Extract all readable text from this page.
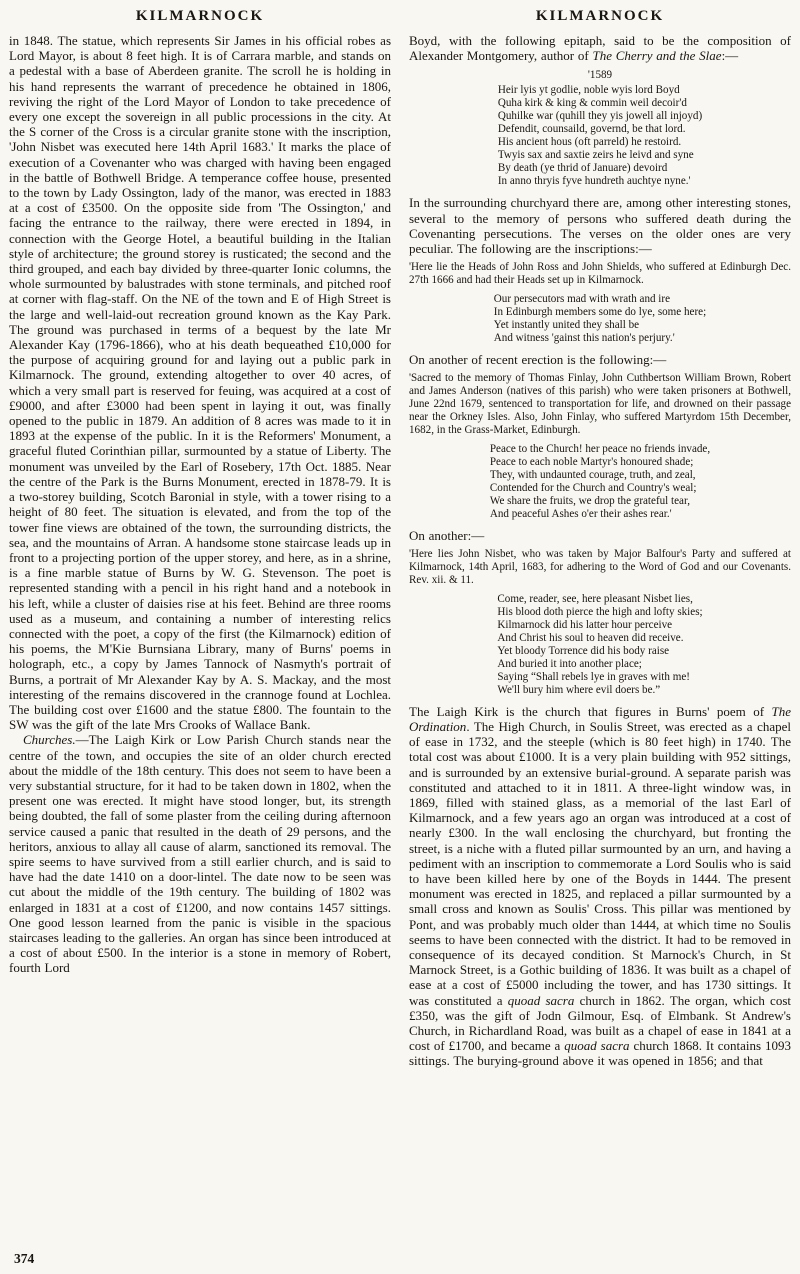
KILMARNOCK

in 1848. The statue, which represents Sir James in his official robes as Lord Mayor, is about 8 feet high. It is of Carrara marble, and stands on a pedestal with a base of Aberdeen granite. The scroll he is holding in his hand represents the warrant of precedence he obtained in 1806, reviving the right of the Lord Mayor of London to take precedence of every one except the sovereign in all public processions in the city. At the S corner of the Cross is a circular granite stone with the inscription, 'John Nisbet was executed here 14th April 1683.' It marks the place of execution of a Covenanter who was charged with having been engaged in the battle of Bothwell Bridge. A temperance coffee house, presented to the town by Lady Ossington, lady of the manor, was erected in 1883 at a cost of £3500. On the opposite side from 'The Ossington,' and facing the entrance to the railway, there were erected in 1894, in connection with the George Hotel, a beautiful building in the Italian style of architecture; the ground storey is rusticated; the second and the third grouped, and each bay divided by three-quarter Ionic columns, the whole surmounted by balustrades with stone terminals, and pitched roof at corner with flag-staff. On the NE of the town and E of High Street is the large and well-laid-out recreation ground known as the Kay Park. The ground was purchased in terms of a bequest by the late Mr Alexander Kay (1796-1866), who at his death bequeathed £10,000 for the purpose of acquiring ground for and laying out a public park in Kilmarnock. The ground, extending altogether to over 40 acres, of which a very small part is reserved for feuing, was acquired at a cost of £9000, and after £3000 had been spent in laying it out, was finally opened to the public in 1879. An addition of 8 acres was made to it in 1893 at the expense of the public. In it is the Reformers' Monument, a graceful fluted Corinthian pillar, surmounted by a statue of Liberty. The monument was unveiled by the Earl of Rosebery, 17th Oct. 1885. Near the centre of the Park is the Burns Monument, erected in 1878-79. It is a two-storey building, Scotch Baronial in style, with a tower rising to a height of 80 feet. The situation is elevated, and from the top of the tower fine views are obtained of the town, the surrounding districts, the sea, and the mountains of Arran. A handsome stone staircase leads up in front to a projecting portion of the upper storey, and here, as in a shrine, is a fine marble statue of Burns by W. G. Stevenson. The poet is represented standing with a pencil in his right hand and a notebook in his left, while a cluster of daisies rise at his feet. Behind are three rooms used as a museum, and containing a number of interesting relics connected with the poet, a copy of the first (the Kilmarnock) edition of his poems, the M'Kie Burnsiana Library, many of Burns' poems in holograph, etc., a copy by James Tannock of Nasmyth's portrait of Burns, a portrait of Mr Alexander Kay by A. S. Mackay, and the most interesting of the remains discovered in the crannoge found at Lochlea. The building cost over £1600 and the statue £800. The fountain to the SW was the gift of the late Mrs Crooks of Wallace Bank.

Churches.—The Laigh Kirk or Low Parish Church stands near the centre of the town, and occupies the site of an older church erected about the middle of the 18th century. This does not seem to have been a very substantial structure, for it had to be taken down in 1802, when the present one was erected. It might have stood longer, but, its strength being doubted, the fall of some plaster from the ceiling during afternoon service caused a panic that resulted in the death of 29 persons, and the heritors, anxious to allay all cause of alarm, sanctioned its removal. The spire seems to have survived from a still earlier church, and is said to have had the date 1410 on a door-lintel. The date now to be seen was cut about the middle of the 19th century. The building of 1802 was enlarged in 1831 at a cost of £1200, and now contains 1457 sittings. One good lesson learned from the panic is visible in the spacious staircases leading to the galleries. An organ has since been introduced at a cost of about £500. In the interior is a stone in memory of Robert, fourth Lord

KILMARNOCK

Boyd, with the following epitaph, said to be the composition of Alexander Montgomery, author of The Cherry and the Slae:—

'1589
Heir lyis yt godlie, noble wyis lord Boyd
Quha kirk & king & commin weil decoir'd
Quhilke war (quhill they yis jowell all injoyd)
Defendit, counsaild, governd, be that lord.
His ancient hous (oft parreld) he restoird.
Twyis sax and saxtie zeirs he leivd and syne
By death (ye thrid of Januare) devoird
In anno thryis fyve hundreth auchtye nyne.'

In the surrounding churchyard there are, among other interesting stones, several to the memory of persons who suffered death during the Covenanting persecutions. The verses on the older ones are very peculiar. The following are the inscriptions:—

'Here lie the Heads of John Ross and John Shields, who suffered at Edinburgh Dec. 27th 1666 and had their Heads set up in Kilmarnock.

Our persecutors mad with wrath and ire
In Edinburgh members some do lye, some here;
Yet instantly united they shall be
And witness 'gainst this nation's perjury.'

On another of recent erection is the following:—

'Sacred to the memory of Thomas Finlay, John Cuthbertson William Brown, Robert and James Anderson (natives of this parish) who were taken prisoners at Bothwell, June 22nd 1679, sentenced to transportation for life, and drowned on their passage near the Orkney Isles. Also, John Finlay, who suffered Martyrdom 15th December, 1682, in the Grass-Market, Edinburgh.

Peace to the Church! her peace no friends invade,
Peace to each noble Martyr's honoured shade;
They, with undaunted courage, truth, and zeal,
Contended for the Church and Country's weal;
We share the fruits, we drop the grateful tear,
And peaceful Ashes o'er their ashes rear.'

On another:—

'Here lies John Nisbet, who was taken by Major Balfour's Party and suffered at Kilmarnock, 14th April, 1683, for adhering to the Word of God and our Covenants. Rev. xii. & 11.

Come, reader, see, here pleasant Nisbet lies,
His blood doth pierce the high and lofty skies;
Kilmarnock did his latter hour perceive
And Christ his soul to heaven did receive.
Yet bloody Torrence did his body raise
And buried it into another place;
Saying “Shall rebels lye in graves with me!
We'll bury him where evil doers be.”

The Laigh Kirk is the church that figures in Burns' poem of The Ordination. The High Church, in Soulis Street, was erected as a chapel of ease in 1732, and the steeple (which is 80 feet high) in 1740. The total cost was about £1000. It is a very plain building with 952 sittings, and is surrounded by an extensive burial-ground. A separate parish was constituted and attached to it in 1811. A three-light window was, in 1869, filled with stained glass, as a memorial of the last Earl of Kilmarnock, and a few years ago an organ was introduced at a cost of nearly £300. In the wall enclosing the churchyard, but fronting the street, is a niche with a fluted pillar surmounted by an urn, and having a pediment with an inscription to commemorate a Lord Soulis who is said to have been killed here by one of the Boyds in 1444. The present monument was erected in 1825, and replaced a pillar surmounted by a small cross and known as Soulis' Cross. This pillar was mentioned by Pont, and was probably much older than 1444, at which time no Soulis seems to have been connected with the district. It had to be removed in consequence of its decayed condition. St Marnock's Church, in St Marnock Street, is a Gothic building of 1836. It was built as a chapel of ease at a cost of £5000 including the tower, and has 1730 sittings. It was constituted a quoad sacra church in 1862. The organ, which cost £350, was the gift of Jodn Gilmour, Esq. of Elmbank. St Andrew's Church, in Richardland Road, was built as a chapel of ease in 1841 at a cost of £1700, and became a quoad sacra church 1868. It contains 1093 sittings. The burying-ground above it was opened in 1856; and that

374
